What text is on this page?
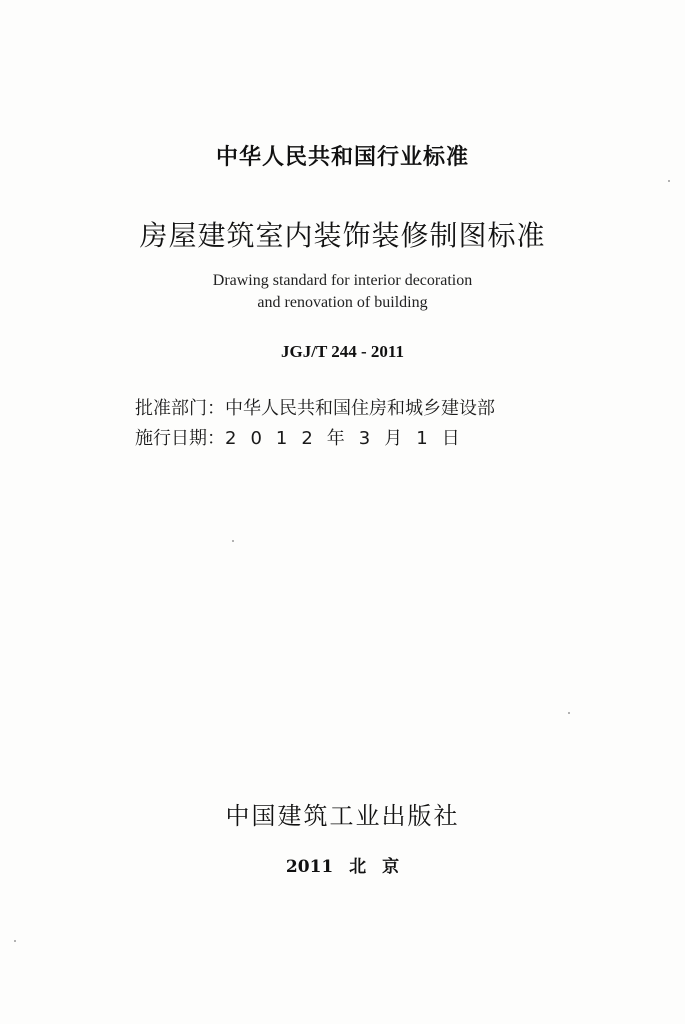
中华人民共和国行业标准
房屋建筑室内装饰装修制图标准
Drawing standard for interior decoration
and renovation of building
JGJ/T 244 - 2011
批准部门：中华人民共和国住房和城乡建设部
施行日期：2012年3月1日
中国建筑工业出版社
2011 北 京
